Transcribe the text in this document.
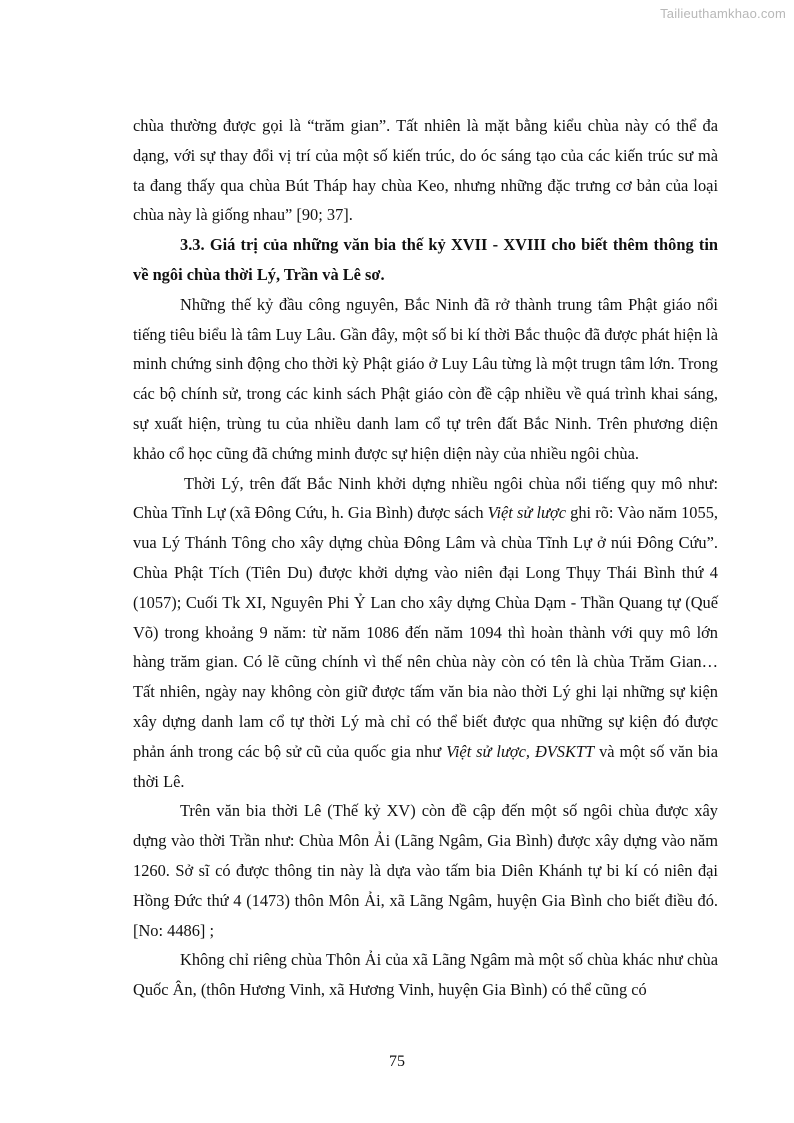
Tailieuthamkhao.com

chùa thường được gọi là “trăm gian”. Tất nhiên là mặt bằng kiểu chùa này có thể đa dạng, với sự thay đổi vị trí của một số kiến trúc, do óc sáng tạo của các kiến trúc sư mà ta đang thấy qua chùa Bút Tháp hay chùa Keo, nhưng những đặc trưng cơ bản của loại chùa này là giống nhau” [90; 37].

3.3. Giá trị của những văn bia thế kỷ XVII - XVIII cho biết thêm thông tin về ngôi chùa thời Lý, Trần và Lê sơ.

Những thế kỷ đầu công nguyên, Bắc Ninh đã rở thành trung tâm Phật giáo nổi tiếng tiêu biểu là tâm Luy Lâu. Gần đây, một số bi kí thời Bắc thuộc đã được phát hiện là minh chứng sinh động cho thời kỳ Phật giáo ở Luy Lâu từng là một trugn tâm lớn. Trong các bộ chính sử, trong các kinh sách Phật giáo còn đề cập nhiều về quá trình khai sáng, sự xuất hiện, trùng tu của nhiều danh lam cổ tự trên đất Bắc Ninh. Trên phương diện khảo cổ học cũng đã chứng minh được sự hiện diện này của nhiều ngôi chùa.

Thời Lý, trên đất Bắc Ninh khởi dựng nhiều ngôi chùa nổi tiếng quy mô như: Chùa Tĩnh Lự (xã Đông Cứu, h. Gia Bình) được sách Việt sử lược ghi rõ: Vào năm 1055, vua Lý Thánh Tông cho xây dựng chùa Đông Lâm và chùa Tĩnh Lự ở núi Đông Cứu”. Chùa Phật Tích (Tiên Du) được khởi dựng vào niên đại Long Thụy Thái Bình thứ 4 (1057); Cuối Tk XI, Nguyên Phi Ỷ Lan cho xây dựng Chùa Dạm - Thần Quang tự (Quế Võ) trong khoảng 9 năm: từ năm 1086 đến năm 1094 thì hoàn thành với quy mô lớn hàng trăm gian. Có lẽ cũng chính vì thế nên chùa này còn có tên là chùa Trăm Gian… Tất nhiên, ngày nay không còn giữ được tấm văn bia nào thời Lý ghi lại những sự kiện xây dựng danh lam cổ tự thời Lý mà chỉ có thể biết được qua những sự kiện đó được phản ánh trong các bộ sử cũ của quốc gia như Việt sử lược, ĐVSKTT và một số văn bia thời Lê.

Trên văn bia thời Lê (Thế kỷ XV) còn đề cập đến một số ngôi chùa được xây dựng vào thời Trần như: Chùa Môn Ải (Lãng Ngâm, Gia Bình) được xây dựng vào năm 1260. Sở sĩ có được thông tin này là dựa vào tấm bia Diên Khánh tự bi kí có niên đại Hồng Đức thứ 4 (1473) thôn Môn Ải, xã Lãng Ngâm, huyện Gia Bình cho biết điều đó. [No: 4486] ;

Không chỉ riêng chùa Thôn Ải của xã Lãng Ngâm mà một số chùa khác như chùa Quốc Ân, (thôn Hương Vinh, xã Hương Vinh, huyện Gia Bình) có thể cũng có

75
